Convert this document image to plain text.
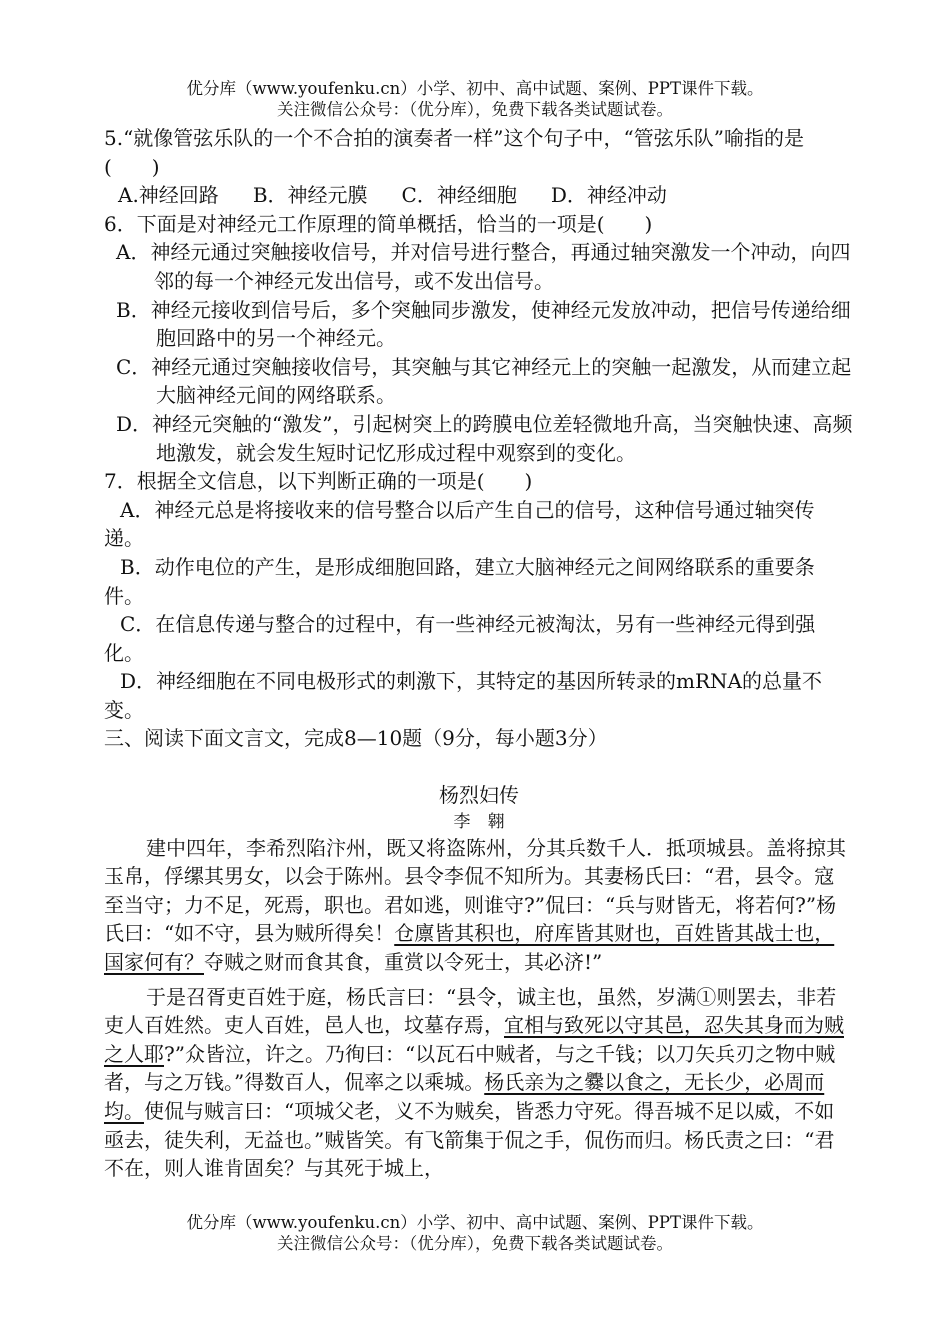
优分库（www.youfenku.cn）小学、初中、高中试题、案例、PPT课件下载。
关注微信公众号：（优分库），免费下载各类试题试卷。

5.“就像管弦乐队的一个不合拍的演奏者一样”这个句子中，“管弦乐队”喻指的是(　　)

A.神经回路 B．神经元膜 C．神经细胞 D．神经冲动

6．下面是对神经元工作原理的简单概括，恰当的一项是(　　)

A．神经元通过突触接收信号，并对信号进行整合，再通过轴突激发一个冲动，向四邻的每一个神经元发出信号，或不发出信号。

B．神经元接收到信号后，多个突触同步激发，使神经元发放冲动，把信号传递给细胞回路中的另一个神经元。

C．神经元通过突触接收信号，其突触与其它神经元上的突触一起激发，从而建立起大脑神经元间的网络联系。

D．神经元突触的“激发”，引起树突上的跨膜电位差轻微地升高，当突触快速、高频地激发，就会发生短时记忆形成过程中观察到的变化。

7．根据全文信息，以下判断正确的一项是(　　)

A．神经元总是将接收来的信号整合以后产生自己的信号，这种信号通过轴突传递。

B．动作电位的产生，是形成细胞回路，建立大脑神经元之间网络联系的重要条件。

C．在信息传递与整合的过程中，有一些神经元被淘汰，另有一些神经元得到强化。

D．神经细胞在不同电极形式的刺激下，其特定的基因所转录的mRNA的总量不变。

三、阅读下面文言文，完成8—10题（9分，每小题3分）

杨烈妇传

李　翱

建中四年，李希烈陷汴州，既又将盗陈州，分其兵数千人．抵项城县。盖将掠其玉帛，俘缧其男女，以会于陈州。县令李侃不知所为。其妻杨氏曰：“君，县令。寇至当守；力不足，死焉，职也。君如逃，则谁守?”侃曰：“兵与财皆无，将若何?”杨氏曰：“如不守，县为贼所得矣！仓廪皆其积也，府库皆其财也，百姓皆其战士也，国家何有？夺贼之财而食其食，重赏以令死士，其必济!”

于是召胥吏百姓于庭，杨氏言曰：“县令，诚主也，虽然，岁满①则罢去，非若吏人百姓然。吏人百姓，邑人也，坟墓存焉，宜相与致死以守其邑，忍失其身而为贼之人耶?”众皆泣，许之。乃徇曰：“以瓦石中贼者，与之千钱；以刀矢兵刃之物中贼者，与之万钱。”得数百人，侃率之以乘城。杨氏亲为之爨以食之，无长少，必周而均。使侃与贼言曰：“项城父老，义不为贼矣，皆悉力守死。得吾城不足以威，不如亟去，徒失利，无益也。”贼皆笑。有飞箭集于侃之手，侃伤而归。杨氏责之曰：“君不在，则人谁肯固矣？与其死于城上，

优分库（www.youfenku.cn）小学、初中、高中试题、案例、PPT课件下载。
关注微信公众号：（优分库），免费下载各类试题试卷。
